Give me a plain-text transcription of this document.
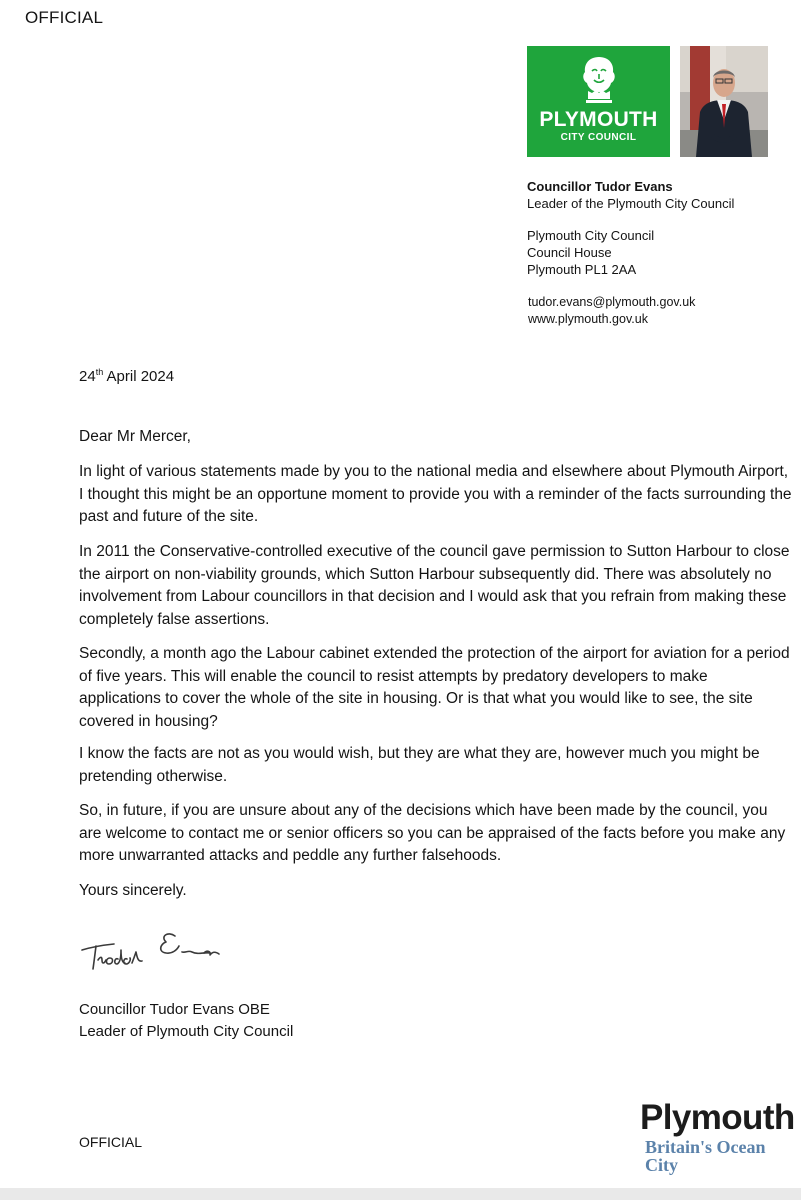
OFFICIAL
PLYMOUTH
CITY COUNCIL
Councillor Tudor Evans
Leader of the Plymouth City Council
Plymouth City Council
Council House
Plymouth PL1 2AA
tudor.evans@plymouth.gov.uk
www.plymouth.gov.uk
24th April 2024
Dear Mr Mercer,
In light of various statements made by you to the national media and elsewhere about Plymouth Airport, I thought this might be an opportune moment to provide you with a reminder of the facts surrounding the past and future of the site.
In 2011 the Conservative-controlled executive of the council gave permission to Sutton Harbour to close the airport on non-viability grounds, which Sutton Harbour subsequently did. There was absolutely no involvement from Labour councillors in that decision and I would ask that you refrain from making these completely false assertions.
Secondly, a month ago the Labour cabinet extended the protection of the airport for aviation for a period of five years. This will enable the council to resist attempts by predatory developers to make applications to cover the whole of the site in housing. Or is that what you would like to see, the site covered in housing?
I know the facts are not as you would wish, but they are what they are, however much you might be pretending otherwise.
So, in future, if you are unsure about any of the decisions which have been made by the council, you are welcome to contact me or senior officers so you can be appraised of the facts before you make any more unwarranted attacks and peddle any further falsehoods.
Yours sincerely.
Councillor Tudor Evans OBE
Leader of Plymouth City Council
OFFICIAL
Plymouth
Britain's Ocean City
